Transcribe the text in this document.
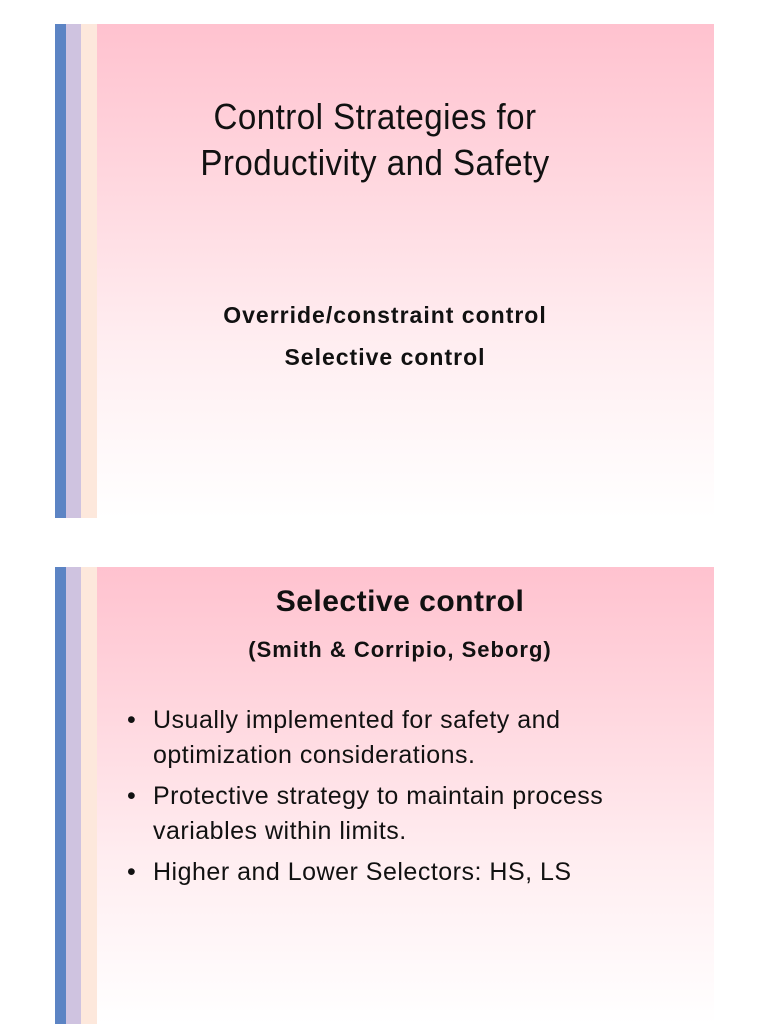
Control Strategies for
Productivity and Safety
Override/constraint control
Selective control
Selective control
(Smith & Corripio, Seborg)
• Usually implemented for safety and optimization considerations.
• Protective strategy to maintain process variables within limits.
• Higher and Lower Selectors: HS, LS
